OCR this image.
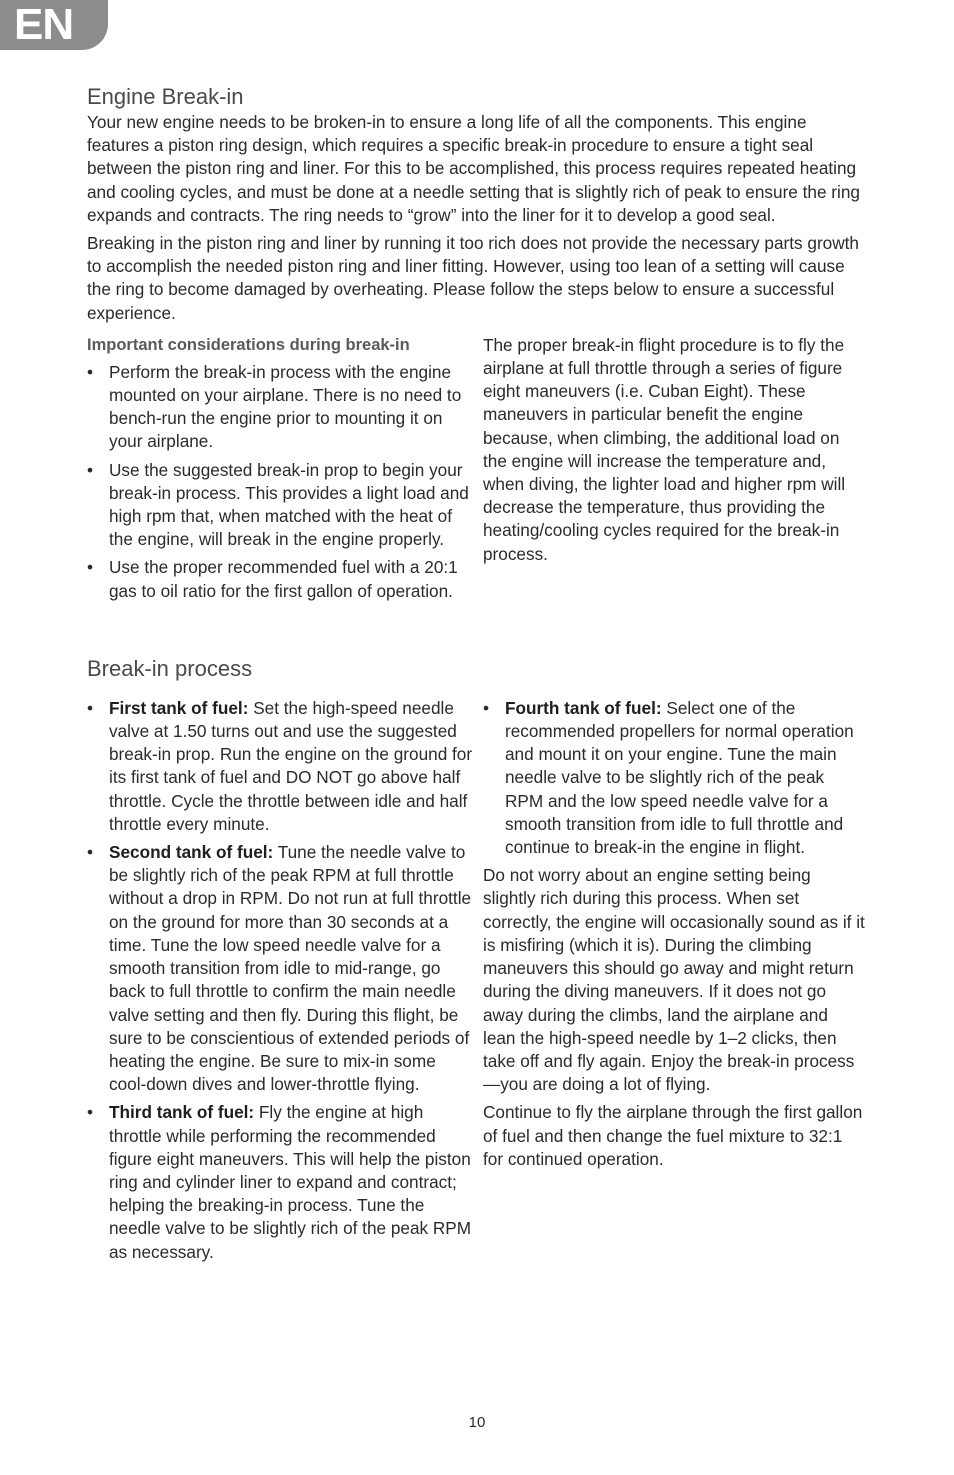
EN
Engine Break-in

Your new engine needs to be broken-in to ensure a long life of all the components. This engine features a piston ring design, which requires a specific break-in procedure to ensure a tight seal between the piston ring and liner. For this to be accomplished, this process requires repeated heating and cooling cycles, and must be done at a needle setting that is slightly rich of peak to ensure the ring expands and contracts. The ring needs to “grow” into the liner for it to develop a good seal.

Breaking in the piston ring and liner by running it too rich does not provide the necessary parts growth to accomplish the needed piston ring and liner fitting. However, using too lean of a setting will cause the ring to become damaged by overheating. Please follow the steps below to ensure a successful experience.

Important considerations during break-in
• Perform the break-in process with the engine mounted on your airplane. There is no need to bench-run the engine prior to mounting it on your airplane.
• Use the suggested break-in prop to begin your break-in process. This provides a light load and high rpm that, when matched with the heat of the engine, will break in the engine properly.
• Use the proper recommended fuel with a 20:1 gas to oil ratio for the first gallon of operation.

The proper break-in flight procedure is to fly the airplane at full throttle through a series of figure eight maneuvers (i.e. Cuban Eight). These maneuvers in particular benefit the engine because, when climbing, the additional load on the engine will increase the temperature and, when diving, the lighter load and higher rpm will decrease the temperature, thus providing the heating/cooling cycles required for the break-in process.

Break-in process
• First tank of fuel: Set the high-speed needle valve at 1.50 turns out and use the suggested break-in prop. Run the engine on the ground for its first tank of fuel and DO NOT go above half throttle. Cycle the throttle between idle and half throttle every minute.
• Second tank of fuel: Tune the needle valve to be slightly rich of the peak RPM at full throttle without a drop in RPM. Do not run at full throttle on the ground for more than 30 seconds at a time. Tune the low speed needle valve for a smooth transition from idle to mid-range, go back to full throttle to confirm the main needle valve setting and then fly. During this flight, be sure to be conscientious of extended periods of heating the engine. Be sure to mix-in some cool-down dives and lower-throttle flying.
• Third tank of fuel: Fly the engine at high throttle while performing the recommended figure eight maneuvers. This will help the piston ring and cylinder liner to expand and contract; helping the breaking-in process. Tune the needle valve to be slightly rich of the peak RPM as necessary.
• Fourth tank of fuel: Select one of the recommended propellers for normal operation and mount it on your engine. Tune the main needle valve to be slightly rich of the peak RPM and the low speed needle valve for a smooth transition from idle to full throttle and continue to break-in the engine in flight.

Do not worry about an engine setting being slightly rich during this process. When set correctly, the engine will occasionally sound as if it is misfiring (which it is). During the climbing maneuvers this should go away and might return during the diving maneuvers. If it does not go away during the climbs, land the airplane and lean the high-speed needle by 1–2 clicks, then take off and fly again. Enjoy the break-in process—you are doing a lot of flying.

Continue to fly the airplane through the first gallon of fuel and then change the fuel mixture to 32:1 for continued operation.

10
